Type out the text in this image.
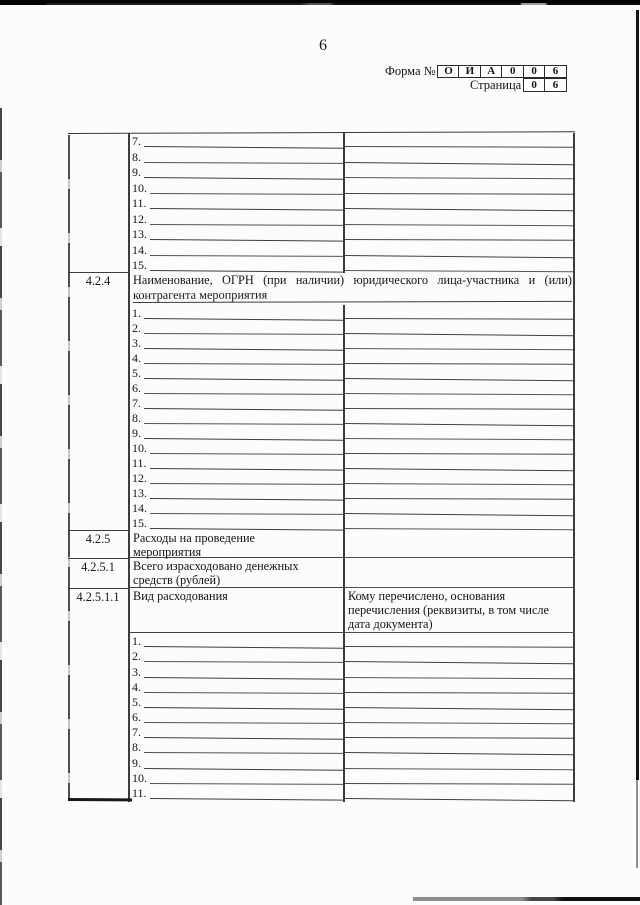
6
Форма № О	И	А	0	0	6
Страница 0	6
7.
8.
9.
10.
11.
12.
13.
14.
15.
4.2.4	Наименование, ОГРН (при наличии) юридического лица-участника и (или)
контрагента мероприятия
1.
2.
3.
4.
5.
6.
7.
8.
9.
10.
11.
12.
13.
14.
15.
4.2.5	Расходы на проведение
мероприятия
4.2.5.1	Всего израсходовано денежных
средств (рублей)
4.2.5.1.1	Вид расходования	Кому перечислено, основания
перечисления (реквизиты, в том числе
дата документа)
1.
2.
3.
4.
5.
6.
7.
8.
9.
10.
11.
